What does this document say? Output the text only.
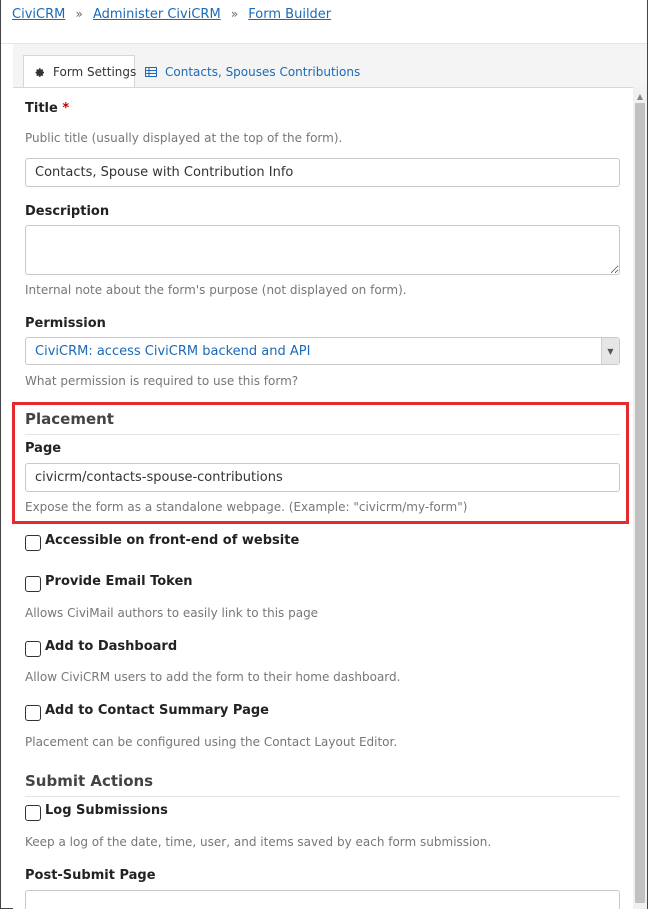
CiviCRM » Administer CiviCRM » Form Builder
Form Settings Contacts, Spouses Contributions
▲
Title *
Public title (usually displayed at the top of the form).
Contacts, Spouse with Contribution Info
Description
Internal note about the form's purpose (not displayed on form).
Permission
CiviCRM: access CiviCRM backend and API	▼
What permission is required to use this form?
Placement
Page
civicrm/contacts-spouse-contributions
Expose the form as a standalone webpage. (Example: "civicrm/my-form")
Accessible on front-end of website
Provide Email Token
Allows CiviMail authors to easily link to this page
Add to Dashboard
Allow CiviCRM users to add the form to their home dashboard.
Add to Contact Summary Page
Placement can be configured using the Contact Layout Editor.
Submit Actions
Log Submissions
Keep a log of the date, time, user, and items saved by each form submission.
Post-Submit Page
